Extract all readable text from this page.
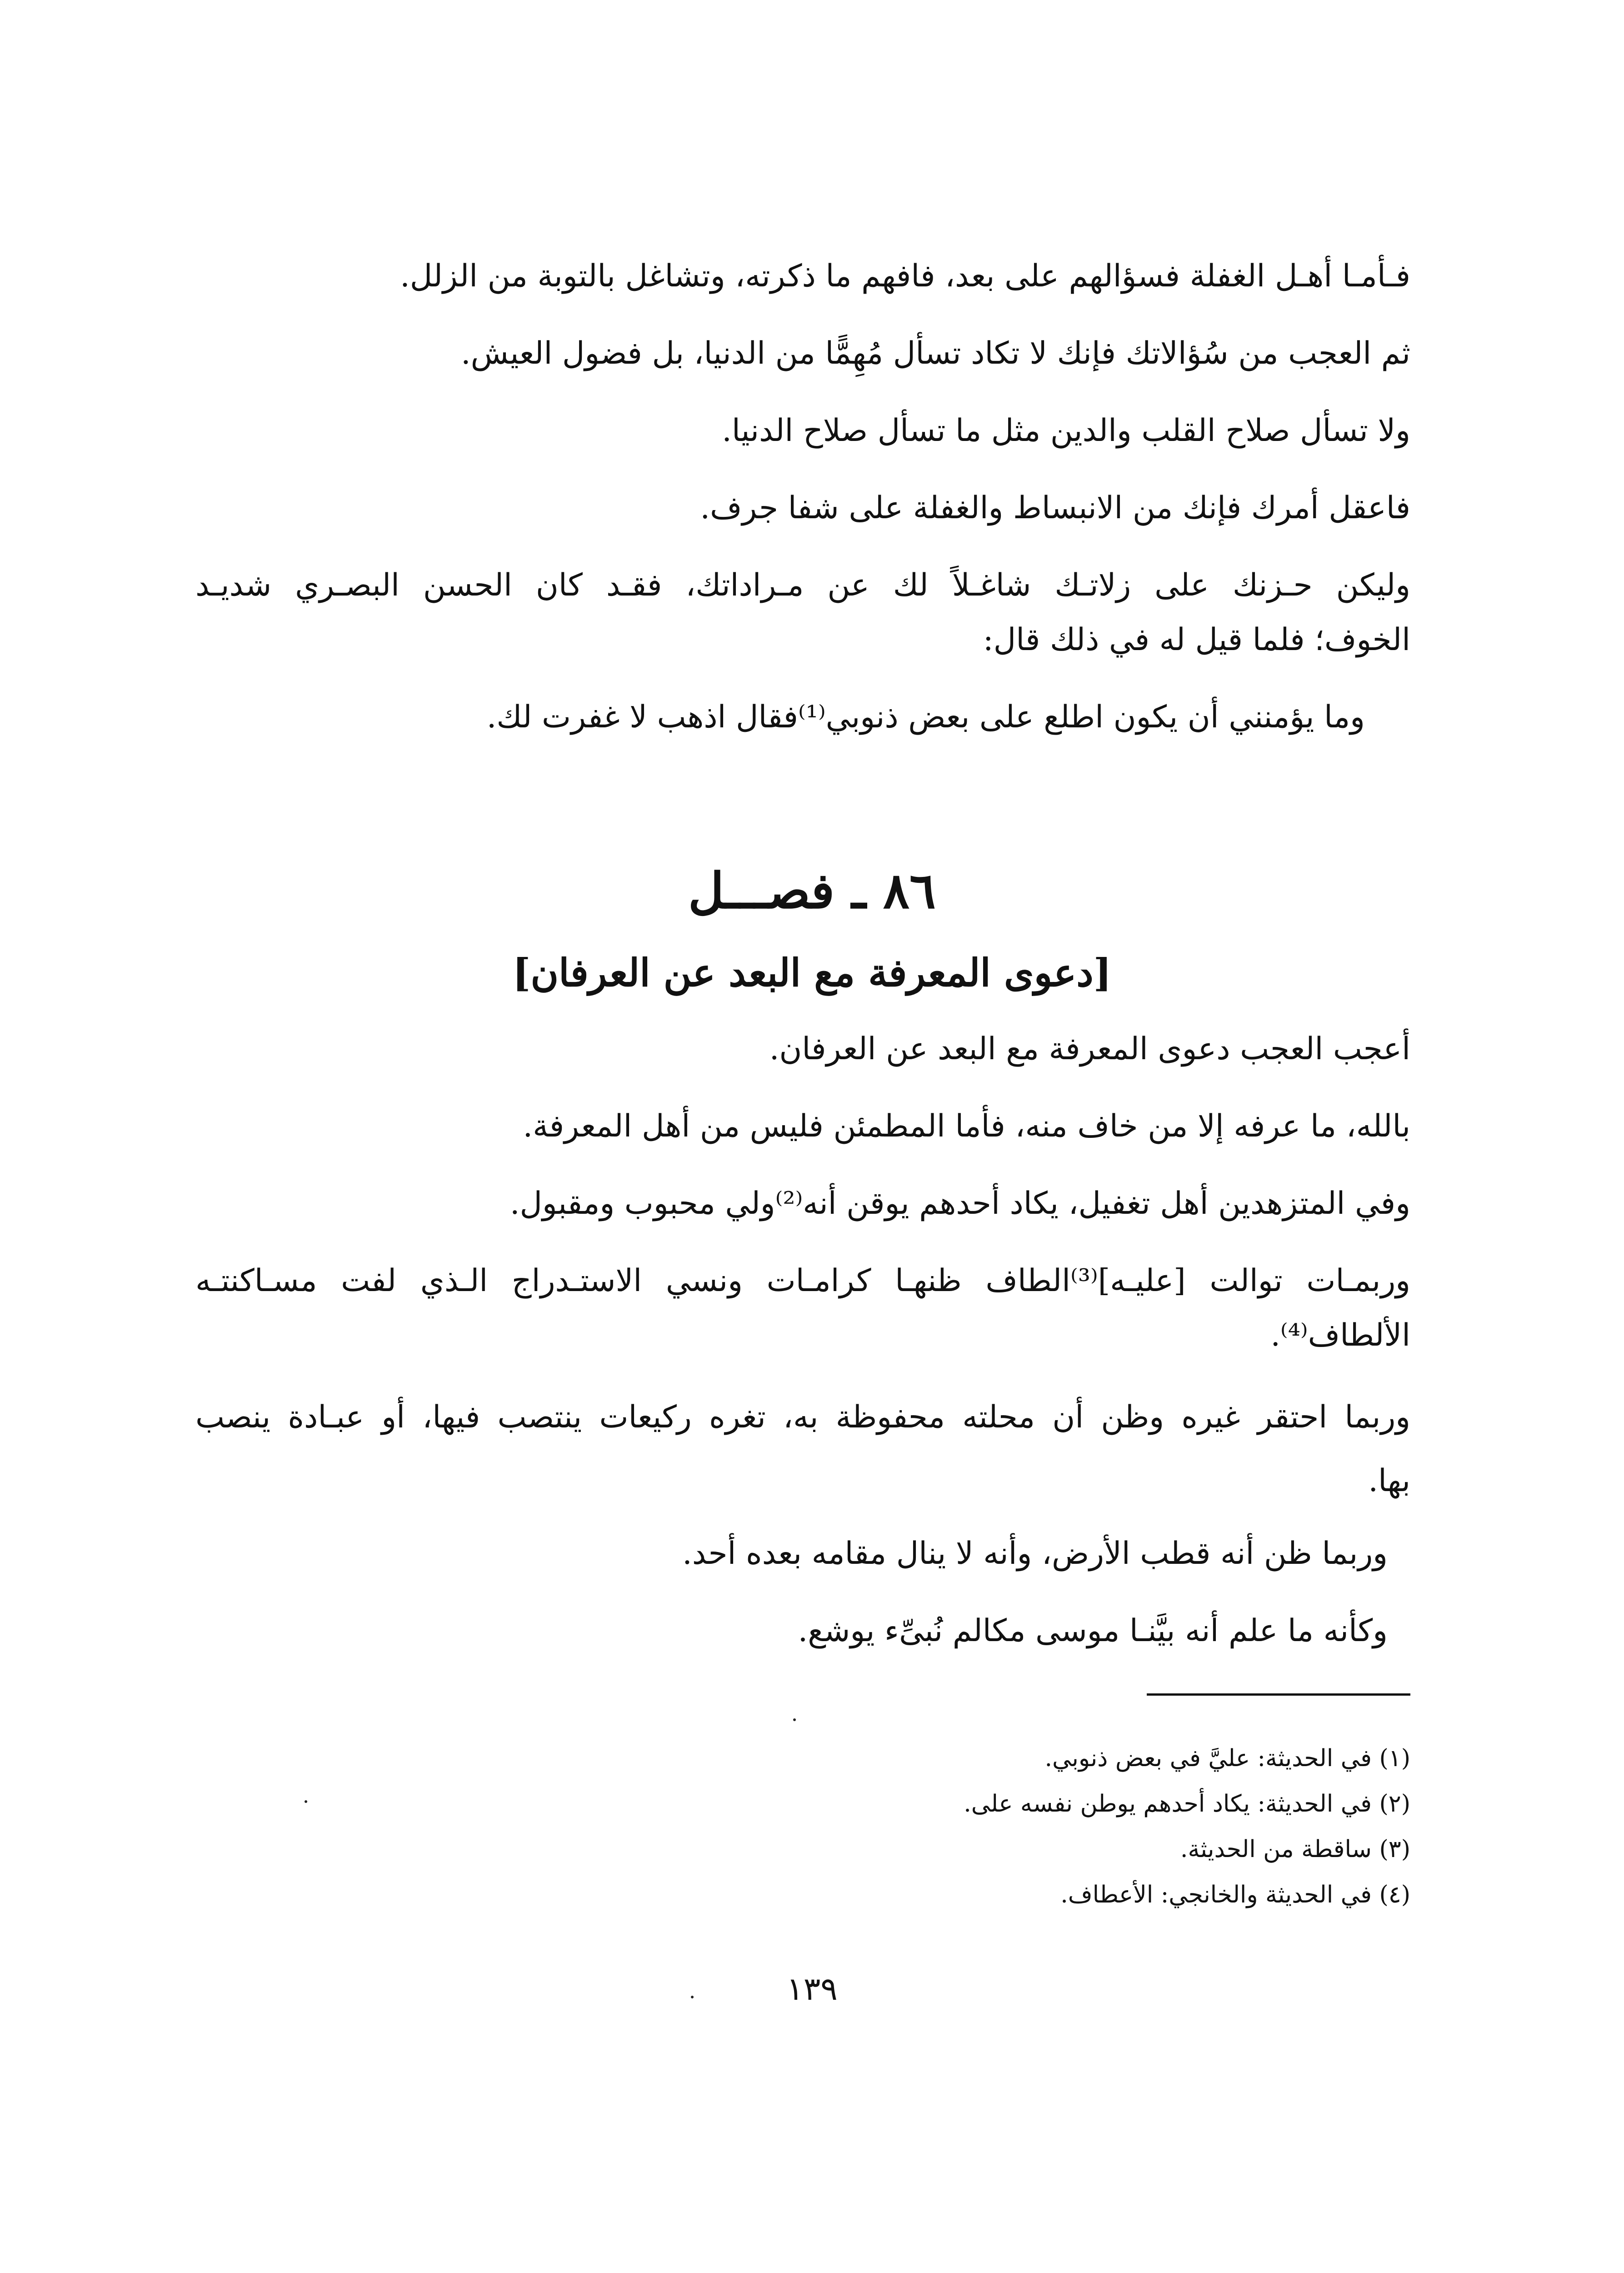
فـأمـا أهـل الغفلة فسؤالهم على بعد، فافهم ما ذكرته، وتشاغل بالتوبة من الزلل.
ثم العجب من سُؤالاتك فإنك لا تكاد تسأل مُهِمًّا من الدنيا، بل فضول العيش.
ولا تسأل صلاح القلب والدين مثل ما تسأل صلاح الدنيا.
فاعقل أمرك فإنك من الانبساط والغفلة على شفا جرف.
وليكن حـزنك على زلاتـك شاغـلاً لك عن مـراداتك، فقـد كان الحسن البصـري شديـد
الخوف؛ فلما قيل له في ذلك قال:
وما يؤمنني أن يكون اطلع على بعض ذنوبي⁽¹⁾فقال اذهب لا غفرت لك.
٨٦ ـ فصـــل
[دعوى المعرفة مع البعد عن العرفان]
أعجب العجب دعوى المعرفة مع البعد عن العرفان.
بالله، ما عرفه إلا من خاف منه، فأما المطمئن فليس من أهل المعرفة.
وفي المتزهدين أهل تغفيل، يكاد أحدهم يوقن أنه⁽²⁾ولي محبوب ومقبول.
وربمـات توالت [عليـه]⁽³⁾الطاف ظنهـا كرامـات ونسي الاستـدراج الـذي لفت مسـاكنتـه
الألطاف⁽⁴⁾.
وربما احتقر غيره وظن أن محلته محفوظة به، تغره ركيعات ينتصب فيها، أو عبـادة ينصب
بها.
وربما ظن أنه قطب الأرض، وأنه لا ينال مقامه بعده أحد.
وكأنه ما علم أنه بيَّنـا موسى مكالم نُبىِّء يوشع.
(١) في الحديثة: عليَّ في بعض ذنوبي.
(٢) في الحديثة: يكاد أحدهم يوطن نفسه على.
(٣) ساقطة من الحديثة.
(٤) في الحديثة والخانجي: الأعطاف.
١٣٩
